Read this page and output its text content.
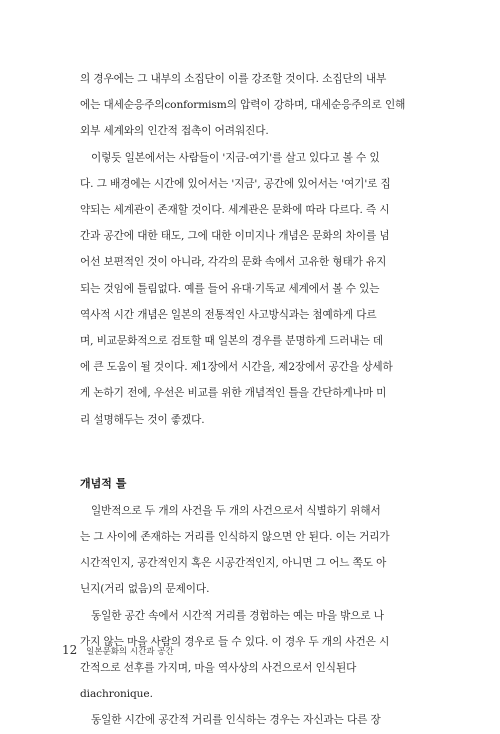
의 경우에는 그 내부의 소집단이 이를 강조할 것이다. 소집단의 내부
에는 대세순응주의conformism의 압력이 강하며, 대세순응주의로 인해
외부 세계와의 인간적 접촉이 어려워진다.

이렇듯 일본에서는 사람들이 '지금-여기'를 살고 있다고 볼 수 있
다. 그 배경에는 시간에 있어서는 '지금', 공간에 있어서는 '여기'로 집
약되는 세계관이 존재할 것이다. 세계관은 문화에 따라 다르다. 즉 시
간과 공간에 대한 태도, 그에 대한 이미지나 개념은 문화의 차이를 넘
어선 보편적인 것이 아니라, 각각의 문화 속에서 고유한 형태가 유지
되는 것임에 틀림없다. 예를 들어 유대·기독교 세계에서 볼 수 있는
역사적 시간 개념은 일본의 전통적인 사고방식과는 첨예하게 다르
며, 비교문화적으로 검토할 때 일본의 경우를 분명하게 드러내는 데
에 큰 도움이 될 것이다. 제1장에서 시간을, 제2장에서 공간을 상세하
게 논하기 전에, 우선은 비교를 위한 개념적인 틀을 간단하게나마 미
리 설명해두는 것이 좋겠다.

개념적 틀

일반적으로 두 개의 사건을 두 개의 사건으로서 식별하기 위해서
는 그 사이에 존재하는 거리를 인식하지 않으면 안 된다. 이는 거리가
시간적인지, 공간적인지 혹은 시공간적인지, 아니면 그 어느 쪽도 아
닌지(거리 없음)의 문제이다.

동일한 공간 속에서 시간적 거리를 경험하는 예는 마을 밖으로 나
가지 않는 마을 사람의 경우로 들 수 있다. 이 경우 두 개의 사건은 시
간적으로 선후를 가지며, 마을 역사상의 사건으로서 인식된다
diachronique.

동일한 시간에 공간적 거리를 인식하는 경우는 자신과는 다른 장

12 일본문화의 시간과 공간
